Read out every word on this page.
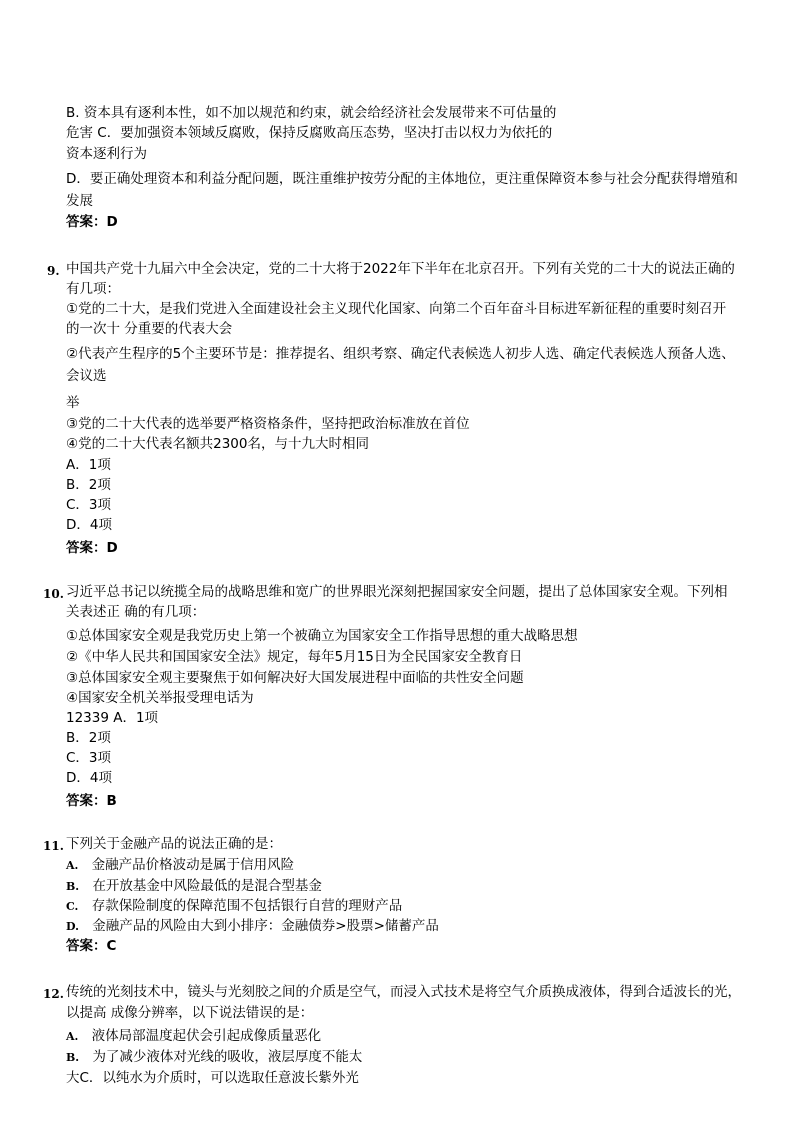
B. 资本具有逐利本性，如不加以规范和约束，就会给经济社会发展带来不可估量的
危害 C．要加强资本领域反腐败，保持反腐败高压态势，坚决打击以权力为依托的
资本逐利行为
D．要正确处理资本和利益分配问题，既注重维护按劳分配的主体地位，更注重保障资本参与社会分配获得增殖和
发展
答案：D
9. 中国共产党十九届六中全会决定，党的二十大将于2022年下半年在北京召开。下列有关党的二十大的说法正确的
有几项：
①党的二十大，是我们党进入全面建设社会主义现代化国家、向第二个百年奋斗目标进军新征程的重要时刻召开
的一次十 分重要的代表大会
②代表产生程序的5个主要环节是：推荐提名、组织考察、确定代表候选人初步人选、确定代表候选人预备人选、
会议选
举
③党的二十大代表的选举要严格资格条件，坚持把政治标准放在首位
④党的二十大代表名额共2300名，与十九大时相同
A．1项
B．2项
C．3项
D．4项
答案：D
10. 习近平总书记以统揽全局的战略思维和宽广的世界眼光深刻把握国家安全问题，提出了总体国家安全观。下列相
关表述正 确的有几项：
①总体国家安全观是我党历史上第一个被确立为国家安全工作指导思想的重大战略思想
②《中华人民共和国国家安全法》规定，每年5月15日为全民国家安全教育日
③总体国家安全观主要聚焦于如何解决好大国发展进程中面临的共性安全问题
④国家安全机关举报受理电话为
12339 A．1项
B．2项
C．3项
D．4项
答案：B
11. 下列关于金融产品的说法正确的是：
A. 金融产品价格波动是属于信用风险
B. 在开放基金中风险最低的是混合型基金
C. 存款保险制度的保障范围不包括银行自营的理财产品
D. 金融产品的风险由大到小排序：金融债券>股票>储蓄产品
答案：C
12. 传统的光刻技术中，镜头与光刻胶之间的介质是空气，而浸入式技术是将空气介质换成液体，得到合适波长的光，
以提高 成像分辨率，以下说法错误的是：
A. 液体局部温度起伏会引起成像质量恶化
B. 为了减少液体对光线的吸收，液层厚度不能太
大C．以纯水为介质时，可以选取任意波长紫外光
